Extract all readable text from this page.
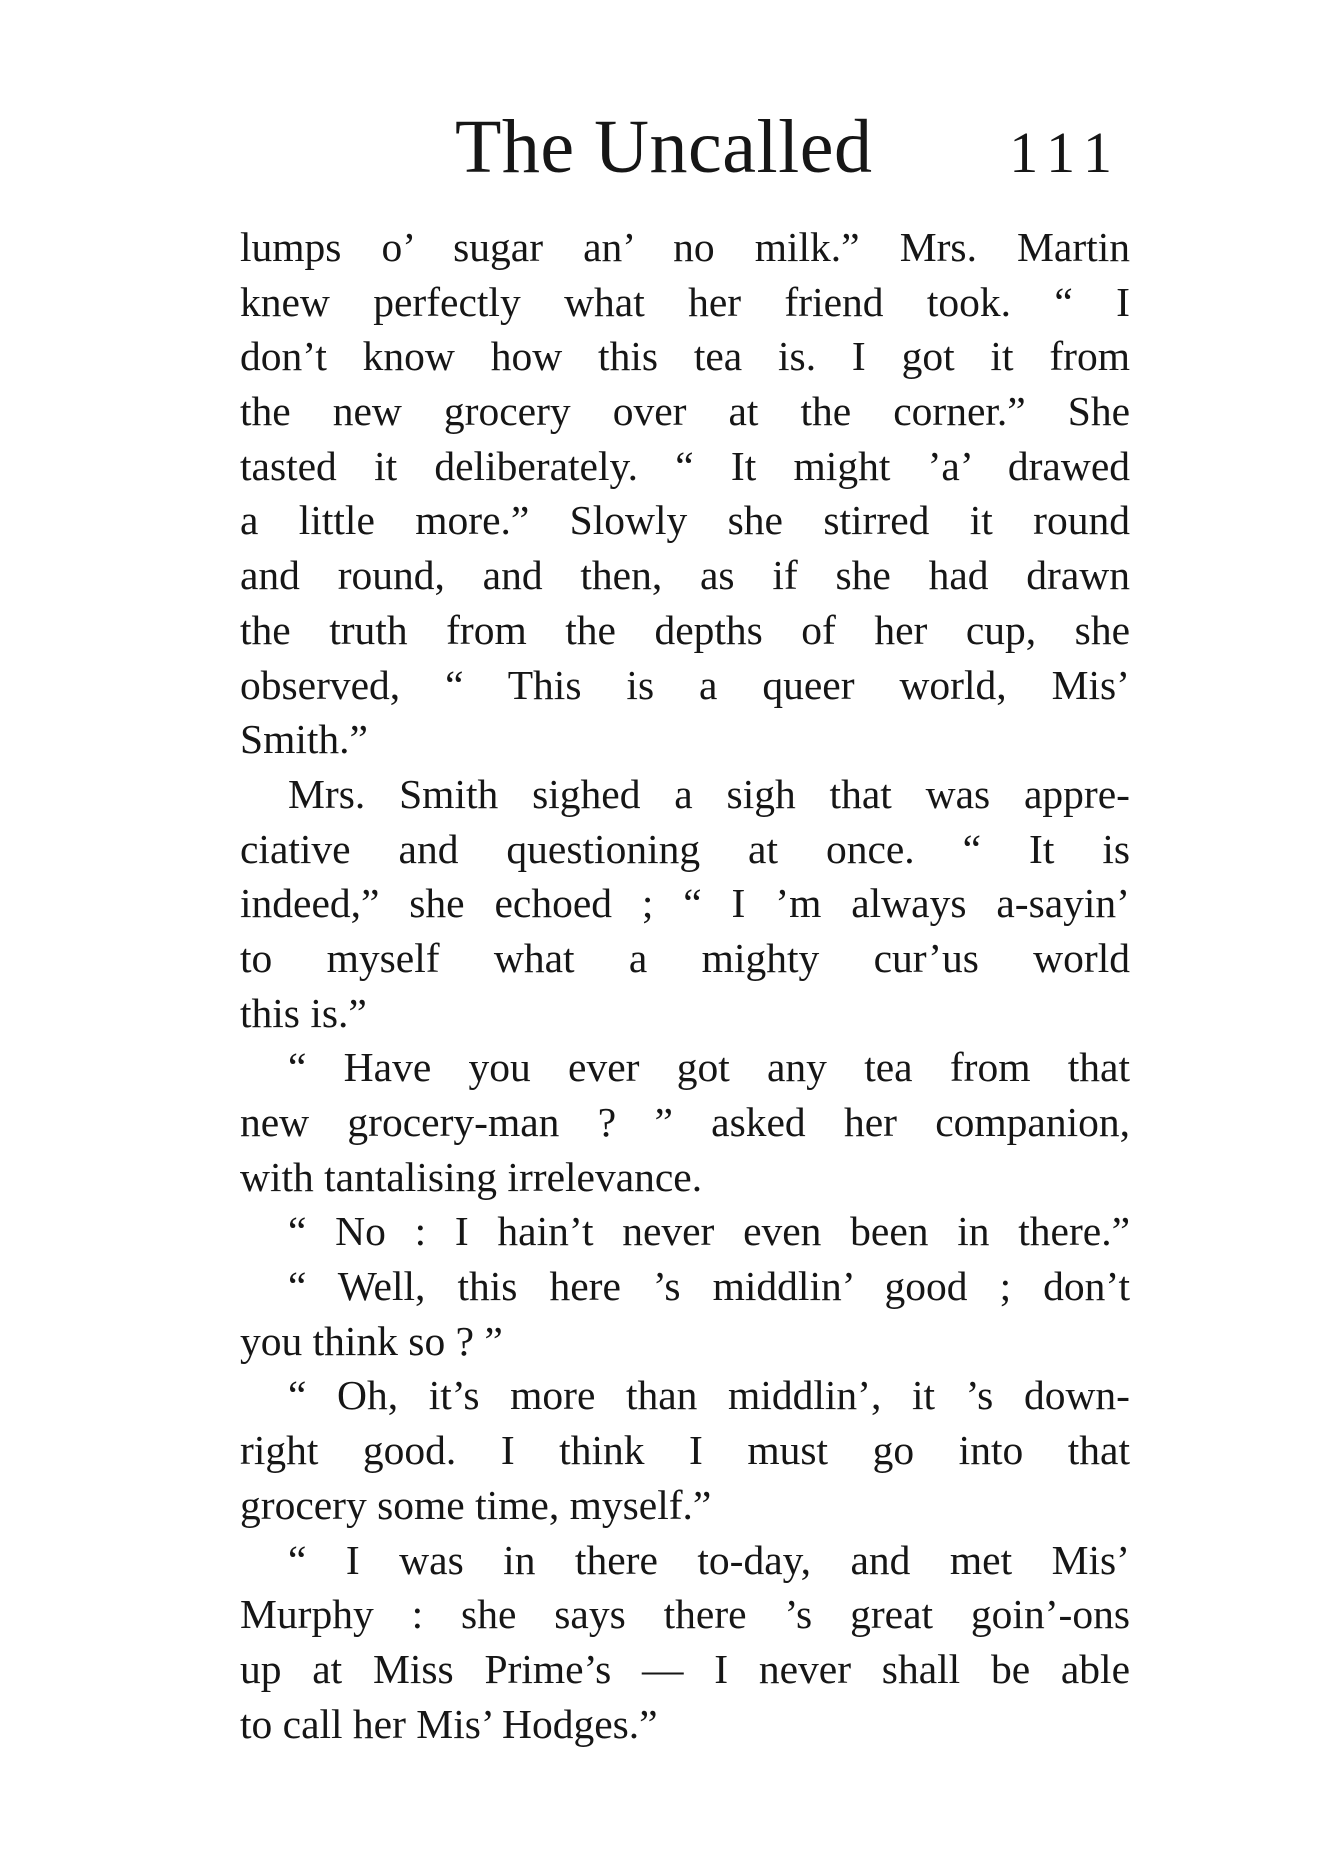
The Uncalled 111
lumps o’ sugar an’ no milk.” Mrs. Martin
knew perfectly what her friend took. “ I
don’t know how this tea is. I got it from
the new grocery over at the corner.” She
tasted it deliberately. “ It might ’a’ drawed
a little more.” Slowly she stirred it round
and round, and then, as if she had drawn
the truth from the depths of her cup, she
observed, “ This is a queer world, Mis’
Smith.”
Mrs. Smith sighed a sigh that was appre-
ciative and questioning at once. “ It is
indeed,” she echoed ; “ I ’m always a-sayin’
to myself what a mighty cur’us world
this is.”
“ Have you ever got any tea from that
new grocery-man ? ” asked her companion,
with tantalising irrelevance.
“ No : I hain’t never even been in there.”
“ Well, this here ’s middlin’ good ; don’t
you think so ? ”
“ Oh, it’s more than middlin’, it ’s down-
right good. I think I must go into that
grocery some time, myself.”
“ I was in there to-day, and met Mis’
Murphy : she says there ’s great goin’-ons
up at Miss Prime’s — I never shall be able
to call her Mis’ Hodges.”
